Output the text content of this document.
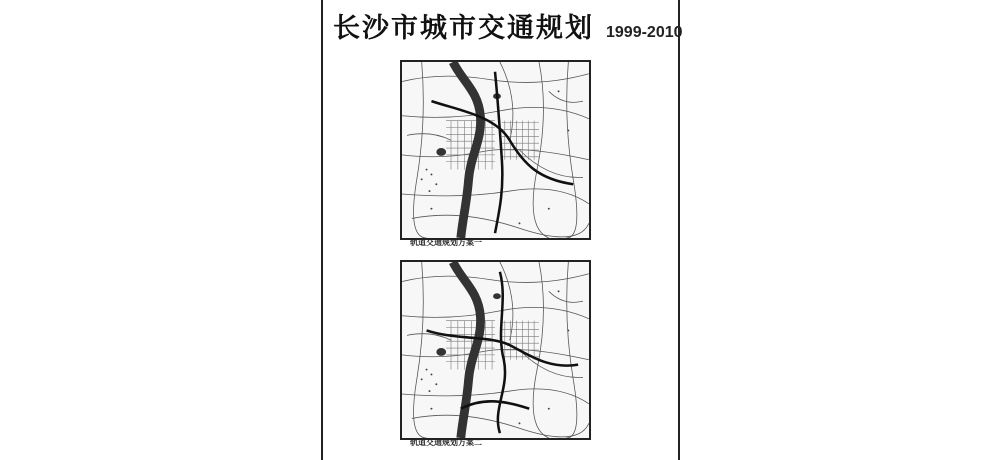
长沙市城市交通规划 1999-2010
轨道交通规划方案一
轨道交通规划方案二
